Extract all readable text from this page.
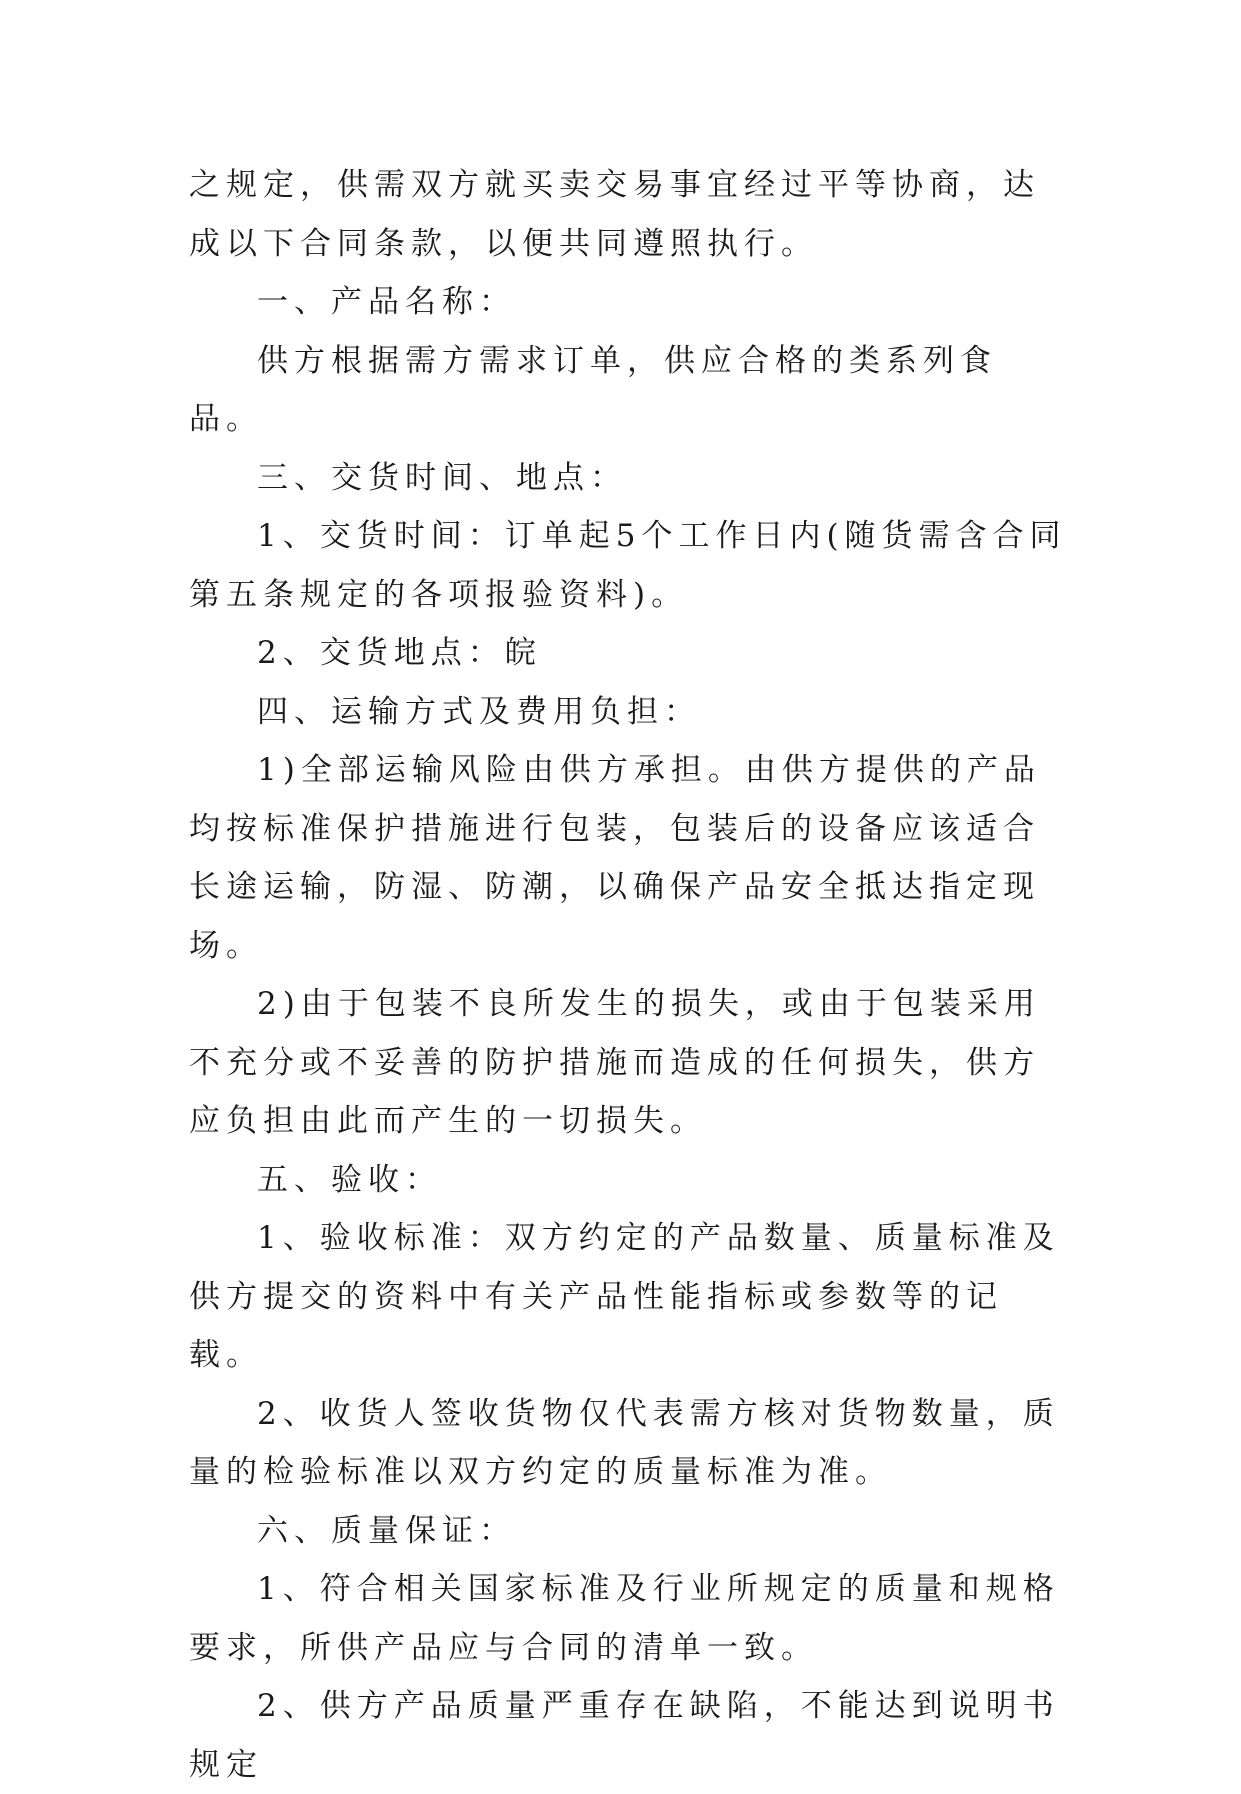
之规定，供需双方就买卖交易事宜经过平等协商，达成以下合同条款，以便共同遵照执行。

一、产品名称：

供方根据需方需求订单，供应合格的类系列食品。

三、交货时间、地点：

1、交货时间：订单起5个工作日内(随货需含合同第五条规定的各项报验资料)。

2、交货地点：皖

四、运输方式及费用负担：

1)全部运输风险由供方承担。由供方提供的产品均按标准保护措施进行包装，包装后的设备应该适合长途运输，防湿、防潮，以确保产品安全抵达指定现场。

2)由于包装不良所发生的损失，或由于包装采用不充分或不妥善的防护措施而造成的任何损失，供方应负担由此而产生的一切损失。

五、验收：

1、验收标准：双方约定的产品数量、质量标准及供方提交的资料中有关产品性能指标或参数等的记载。

2、收货人签收货物仅代表需方核对货物数量，质量的检验标准以双方约定的质量标准为准。

六、质量保证：

1、符合相关国家标准及行业所规定的质量和规格要求，所供产品应与合同的清单一致。

2、供方产品质量严重存在缺陷，不能达到说明书规定
